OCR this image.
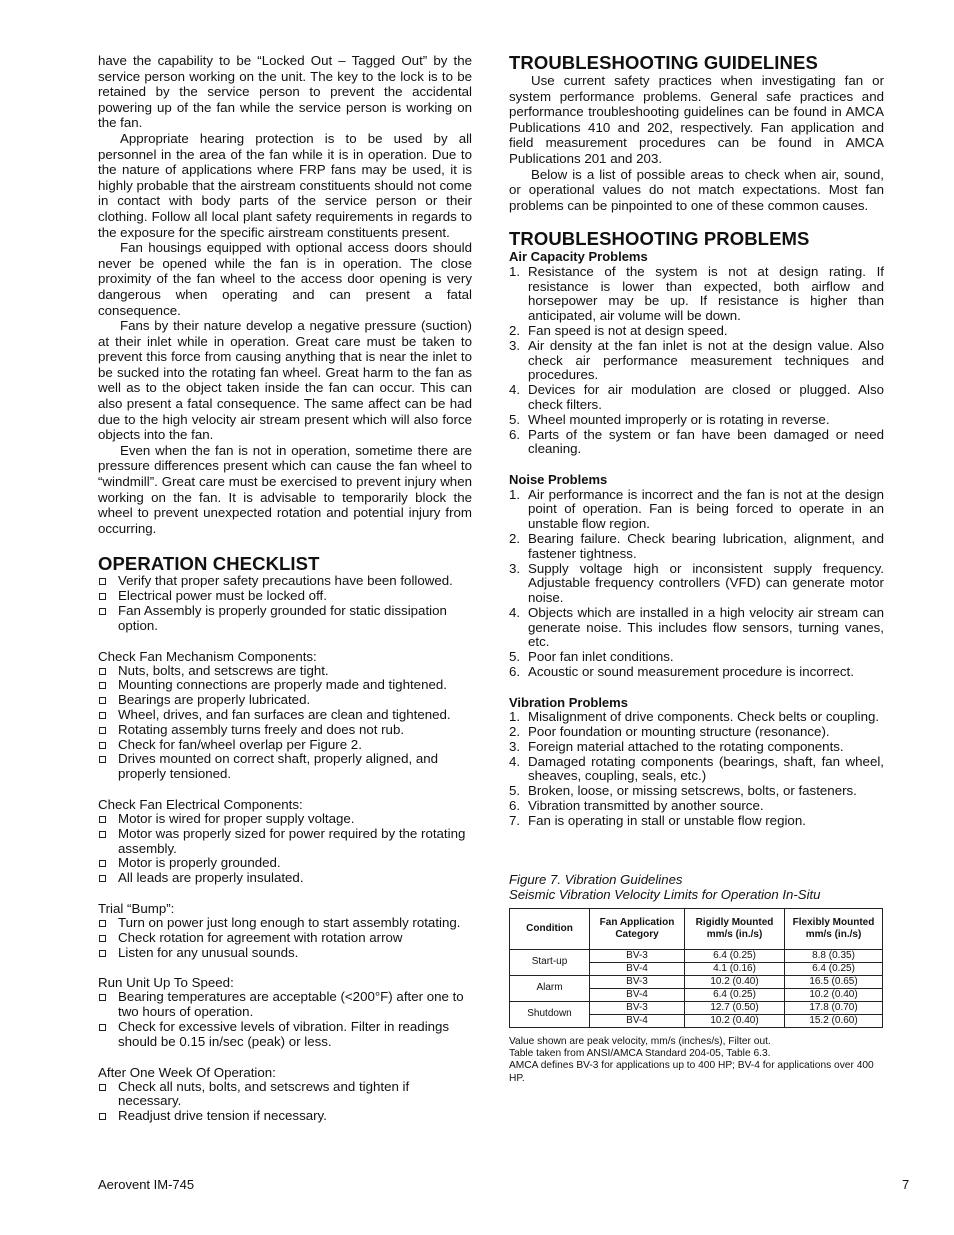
have the capability to be “Locked Out – Tagged Out” by the service person working on the unit. The key to the lock is to be retained by the service person to prevent the accidental powering up of the fan while the service person is working on the fan.

Appropriate hearing protection is to be used by all personnel in the area of the fan while it is in operation. Due to the nature of applications where FRP fans may be used, it is highly probable that the airstream constituents should not come in contact with body parts of the service person or their clothing. Follow all local plant safety requirements in regards to the exposure for the specific airstream constituents present.

Fan housings equipped with optional access doors should never be opened while the fan is in operation. The close proximity of the fan wheel to the access door opening is very dangerous when operating and can present a fatal consequence.

Fans by their nature develop a negative pressure (suction) at their inlet while in operation. Great care must be taken to prevent this force from causing anything that is near the inlet to be sucked into the rotating fan wheel. Great harm to the fan as well as to the object taken inside the fan can occur. This can also present a fatal consequence. The same affect can be had due to the high velocity air stream present which will also force objects into the fan.

Even when the fan is not in operation, sometime there are pressure differences present which can cause the fan wheel to “windmill”. Great care must be exercised to prevent injury when working on the fan. It is advisable to temporarily block the wheel to prevent unexpected rotation and potential injury from occurring.

OPERATION CHECKLIST
Verify that proper safety precautions have been followed.
Electrical power must be locked off.
Fan Assembly is properly grounded for static dissipation option.

Check Fan Mechanism Components:

Nuts, bolts, and setscrews are tight.
Mounting connections are properly made and tightened.
Bearings are properly lubricated.
Wheel, drives, and fan surfaces are clean and tightened.
Rotating assembly turns freely and does not rub.
Check for fan/wheel overlap per Figure 2.
Drives mounted on correct shaft, properly aligned, and properly tensioned.

Check Fan Electrical Components:

Motor is wired for proper supply voltage.
Motor was properly sized for power required by the rotating assembly.
Motor is properly grounded.
All leads are properly insulated.

Trial “Bump”:

Turn on power just long enough to start assembly rotating.
Check rotation for agreement with rotation arrow
Listen for any unusual sounds.

Run Unit Up To Speed:

Bearing temperatures are acceptable (<200°F) after one to two hours of operation.
Check for excessive levels of vibration. Filter in readings should be 0.15 in/sec (peak) or less.

After One Week Of Operation:

Check all nuts, bolts, and setscrews and tighten if necessary.
Readjust drive tension if necessary.
TROUBLESHOOTING GUIDELINES

Use current safety practices when investigating fan or system performance problems. General safe practices and performance troubleshooting guidelines can be found in AMCA Publications 410 and 202, respectively. Fan application and field measurement procedures can be found in AMCA Publications 201 and 203.

Below is a list of possible areas to check when air, sound, or operational values do not match expectations. Most fan problems can be pinpointed to one of these common causes.

TROUBLESHOOTING PROBLEMS
Air Capacity Problems
1. Resistance of the system is not at design rating. If resistance is lower than expected, both airflow and horsepower may be up. If resistance is higher than anticipated, air volume will be down.
2. Fan speed is not at design speed.
3. Air density at the fan inlet is not at the design value. Also check air performance measurement techniques and procedures.
4. Devices for air modulation are closed or plugged. Also check filters.
5. Wheel mounted improperly or is rotating in reverse.
6. Parts of the system or fan have been damaged or need cleaning.
Noise Problems
1. Air performance is incorrect and the fan is not at the design point of operation. Fan is being forced to operate in an unstable flow region.
2. Bearing failure. Check bearing lubrication, alignment, and fastener tightness.
3. Supply voltage high or inconsistent supply frequency. Adjustable frequency controllers (VFD) can generate motor noise.
4. Objects which are installed in a high velocity air stream can generate noise. This includes flow sensors, turning vanes, etc.
5. Poor fan inlet conditions.
6. Acoustic or sound measurement procedure is incorrect.
Vibration Problems
1. Misalignment of drive components. Check belts or coupling.
2. Poor foundation or mounting structure (resonance).
3. Foreign material attached to the rotating components.
4. Damaged rotating components (bearings, shaft, fan wheel, sheaves, coupling, seals, etc.)
5. Broken, loose, or missing setscrews, bolts, or fasteners.
6. Vibration transmitted by another source.
7. Fan is operating in stall or unstable flow region.
Figure 7. Vibration Guidelines
Seismic Vibration Velocity Limits for Operation In-Situ
Condition	Fan Application Category	Rigidly Mounted mm/s (in./s)	Flexibly Mounted mm/s (in./s)
Start-up	BV-3	6.4 (0.25)	8.8 (0.35)
	BV-4	4.1 (0.16)	6.4 (0.25)
Alarm	BV-3	10.2 (0.40)	16.5 (0.65)
	BV-4	6.4 (0.25)	10.2 (0.40)
Shutdown	BV-3	12.7 (0.50)	17.8 (0.70)
	BV-4	10.2 (0.40)	15.2 (0.60)
Value shown are peak velocity, mm/s (inches/s), Filter out.
Table taken from ANSI/AMCA Standard 204-05, Table 6.3.
AMCA defines BV-3 for applications up to 400 HP; BV-4 for applications over 400 HP.
Aerovent IM-745	7
